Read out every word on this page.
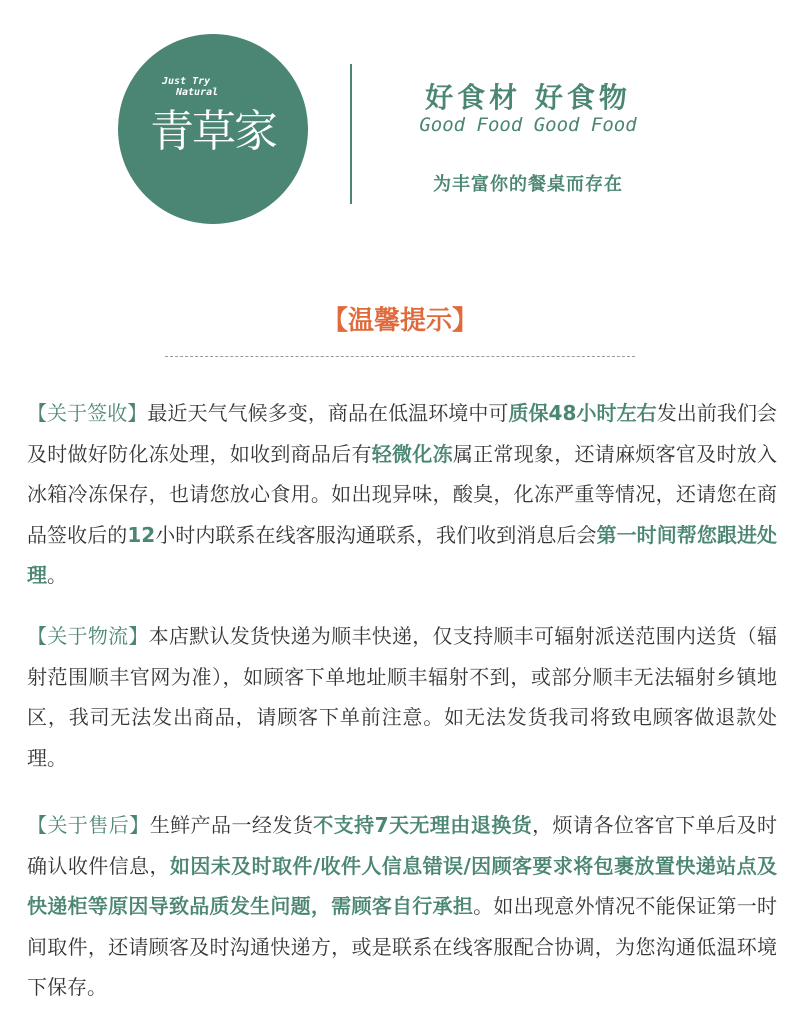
Just Try
Natural
青草家
好食材 好食物
Good Food Good Food
为丰富你的餐桌而存在
【温馨提示】
【关于签收】最近天气气候多变，商品在低温环境中可质保48小时左右发出前我们会及时做好防化冻处理，如收到商品后有轻微化冻属正常现象，还请麻烦客官及时放入冰箱冷冻保存，也请您放心食用。如出现异味，酸臭，化冻严重等情况，还请您在商品签收后的12小时内联系在线客服沟通联系，我们收到消息后会第一时间帮您跟进处理。
【关于物流】本店默认发货快递为顺丰快递，仅支持顺丰可辐射派送范围内送货（辐射范围顺丰官网为准），如顾客下单地址顺丰辐射不到，或部分顺丰无法辐射乡镇地区，我司无法发出商品，请顾客下单前注意。如无法发货我司将致电顾客做退款处理。
【关于售后】生鲜产品一经发货不支持7天无理由退换货，烦请各位客官下单后及时确认收件信息，如因未及时取件/收件人信息错误/因顾客要求将包裹放置快递站点及快递柜等原因导致品质发生问题，需顾客自行承担。如出现意外情况不能保证第一时间取件，还请顾客及时沟通快递方，或是联系在线客服配合协调，为您沟通低温环境下保存。
